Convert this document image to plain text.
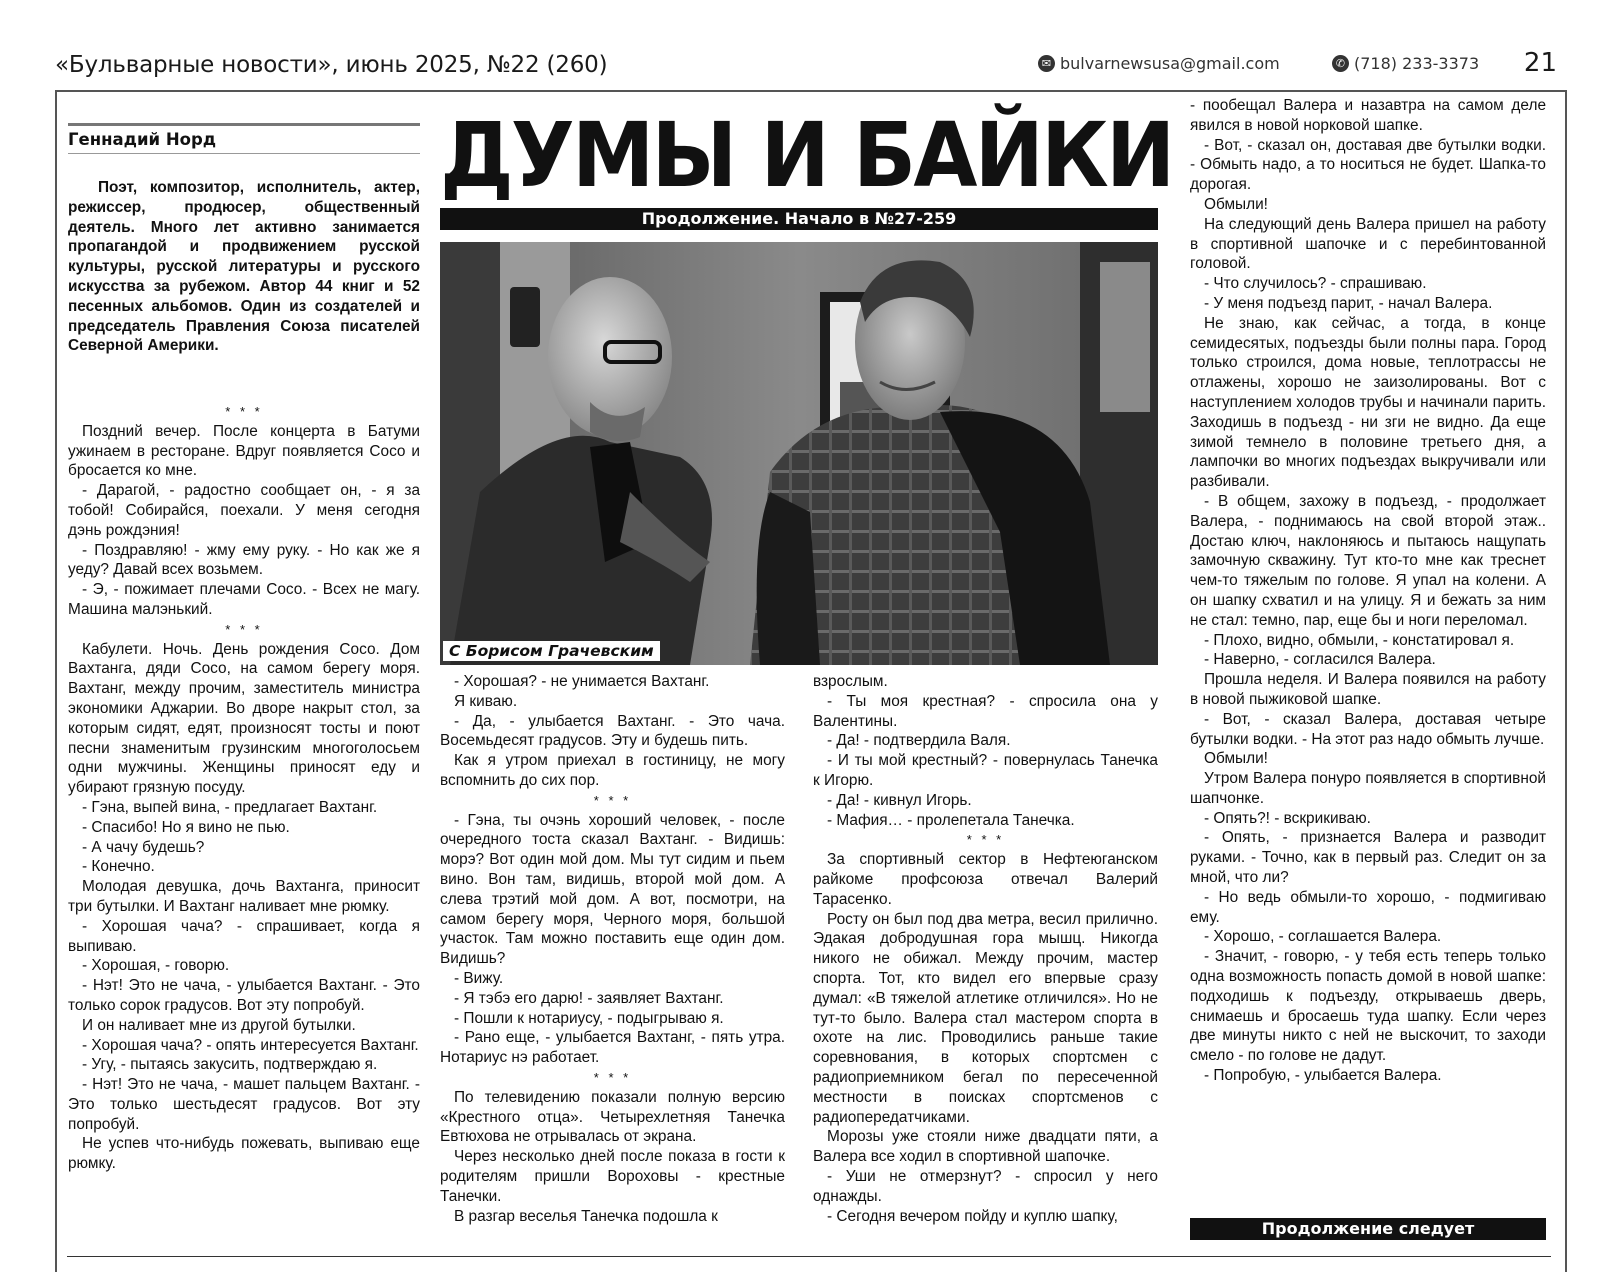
«Бульварные новости», июнь 2025, №22 (260)	✉ bulvarnewsusa@gmail.com	✆ (718) 233-3373 21
Геннадий Норд

Поэт, композитор, исполнитель, актер, режиссер, продюсер, общественный деятель. Много лет активно занимается пропагандой и продвижением русской культуры, русской литературы и русского искусства за рубежом. Автор 44 книг и 52 песенных альбомов. Один из создателей и председатель Правления Союза писателей Северной Америки.

* * *

Поздний вечер. После концерта в Батуми ужинаем в ресторане. Вдруг появляется Сосо и бросается ко мне.

- Дарагой, - радостно сообщает он, - я за тобой! Собирайся, поехали. У меня сегодня дэнь рождэния!

- Поздравляю! - жму ему руку. - Но как же я уеду? Давай всех возьмем.

- Э, - пожимает плечами Сосо. - Всех не магу. Машина малэнький.

* * *

Кабулети. Ночь. День рождения Сосо. Дом Вахтанга, дяди Сосо, на самом берегу моря. Вахтанг, между прочим, заместитель министра экономики Аджарии. Во дворе накрыт стол, за которым сидят, едят, произносят тосты и поют песни знаменитым грузинским многоголосьем одни мужчины. Женщины приносят еду и убирают грязную посуду.

- Гэна, выпей вина, - предлагает Вахтанг.

- Спасибо! Но я вино не пью.

- А чачу будешь?

- Конечно.

Молодая девушка, дочь Вахтанга, приносит три бутылки. И Вахтанг наливает мне рюмку.

- Хорошая чача? - спрашивает, когда я выпиваю.

- Хорошая, - говорю.

- Нэт! Это не чача, - улыбается Вахтанг. - Это только сорок градусов. Вот эту попробуй.

И он наливает мне из другой бутылки.

- Хорошая чача? - опять интересуется Вахтанг.

- Угу, - пытаясь закусить, подтверждаю я.

- Нэт! Это не чача, - машет пальцем Вахтанг. - Это только шестьдесят градусов. Вот эту попробуй.

Не успев что-нибудь пожевать, выпиваю еще рюмку.

ДУМЫ И БАЙКИ
Продолжение. Начало в №27-259
С Борисом Грачевским

- Хорошая? - не унимается Вахтанг.

Я киваю.

- Да, - улыбается Вахтанг. - Это чача. Восемьдесят градусов. Эту и будешь пить.

Как я утром приехал в гостиницу, не могу вспомнить до сих пор.

* * *

- Гэна, ты очэнь хороший человек, - после очередного тоста сказал Вахтанг. - Видишь: морэ? Вот один мой дом. Мы тут сидим и пьем вино. Вон там, видишь, второй мой дом. А слева трэтий мой дом. А вот, посмотри, на самом берегу моря, Черного моря, большой участок. Там можно поставить еще один дом. Видишь?

- Вижу.

- Я тэбэ его дарю! - заявляет Вахтанг.

- Пошли к нотариусу, - подыгрываю я.

- Рано еще, - улыбается Вахтанг, - пять утра. Нотариус нэ работает.

* * *

По телевидению показали полную версию «Крестного отца». Четырехлетняя Танечка Евтюхова не отрывалась от экрана.

Через несколько дней после показа в гости к родителям пришли Вороховы - крестные Танечки.

В разгар веселья Танечка подошла к

взрослым.

- Ты моя крестная? - спросила она у Валентины.

- Да! - подтвердила Валя.

- И ты мой крестный? - повернулась Танечка к Игорю.

- Да! - кивнул Игорь.

- Мафия… - пролепетала Танечка.

* * *

За спортивный сектор в Нефтеюганском райкоме профсоюза отвечал Валерий Тарасенко.

Росту он был под два метра, весил прилично. Эдакая добродушная гора мышц. Никогда никого не обижал. Между прочим, мастер спорта. Тот, кто видел его впервые сразу думал: «В тяжелой атлетике отличился». Но не тут-то было. Валера стал мастером спорта в охоте на лис. Проводились раньше такие соревнования, в которых спортсмен с радиоприемником бегал по пересеченной местности в поисках спортсменов с радиопередатчиками.

Морозы уже стояли ниже двадцати пяти, а Валера все ходил в спортивной шапочке.

- Уши не отмерзнут? - спросил у него однажды.

- Сегодня вечером пойду и куплю шапку,

- пообещал Валера и назавтра на самом деле явился в новой норковой шапке.

- Вот, - сказал он, доставая две бутылки водки. - Обмыть надо, а то носиться не будет. Шапка-то дорогая.

Обмыли!

На следующий день Валера пришел на работу в спортивной шапочке и с перебинтованной головой.

- Что случилось? - спрашиваю.

- У меня подъезд парит, - начал Валера.

Не знаю, как сейчас, а тогда, в конце семидесятых, подъезды были полны пара. Город только строился, дома новые, теплотрассы не отлажены, хорошо не заизолированы. Вот с наступлением холодов трубы и начинали парить. Заходишь в подъезд - ни зги не видно. Да еще зимой темнело в половине третьего дня, а лампочки во многих подъездах выкручивали или разбивали.

- В общем, захожу в подъезд, - продолжает Валера, - поднимаюсь на свой второй этаж.. Достаю ключ, наклоняюсь и пытаюсь нащупать замочную скважину. Тут кто-то мне как треснет чем-то тяжелым по голове. Я упал на колени. А он шапку схватил и на улицу. Я и бежать за ним не стал: темно, пар, еще бы и ноги переломал.

- Плохо, видно, обмыли, - констатировал я.

- Наверно, - согласился Валера.

Прошла неделя. И Валера появился на работу в новой пыжиковой шапке.

- Вот, - сказал Валера, доставая четыре бутылки водки. - На этот раз надо обмыть лучше.

Обмыли!

Утром Валера понуро появляется в спортивной шапчонке.

- Опять?! - вскрикиваю.

- Опять, - признается Валера и разводит руками. - Точно, как в первый раз. Следит он за мной, что ли?

- Но ведь обмыли-то хорошо, - подмигиваю ему.

- Хорошо, - соглашается Валера.

- Значит, - говорю, - у тебя есть теперь только одна возможность попасть домой в новой шапке: подходишь к подъезду, открываешь дверь, снимаешь и бросаешь туда шапку. Если через две минуты никто с ней не выскочит, то заходи смело - по голове не дадут.

- Попробую, - улыбается Валера.

Продолжение следует
